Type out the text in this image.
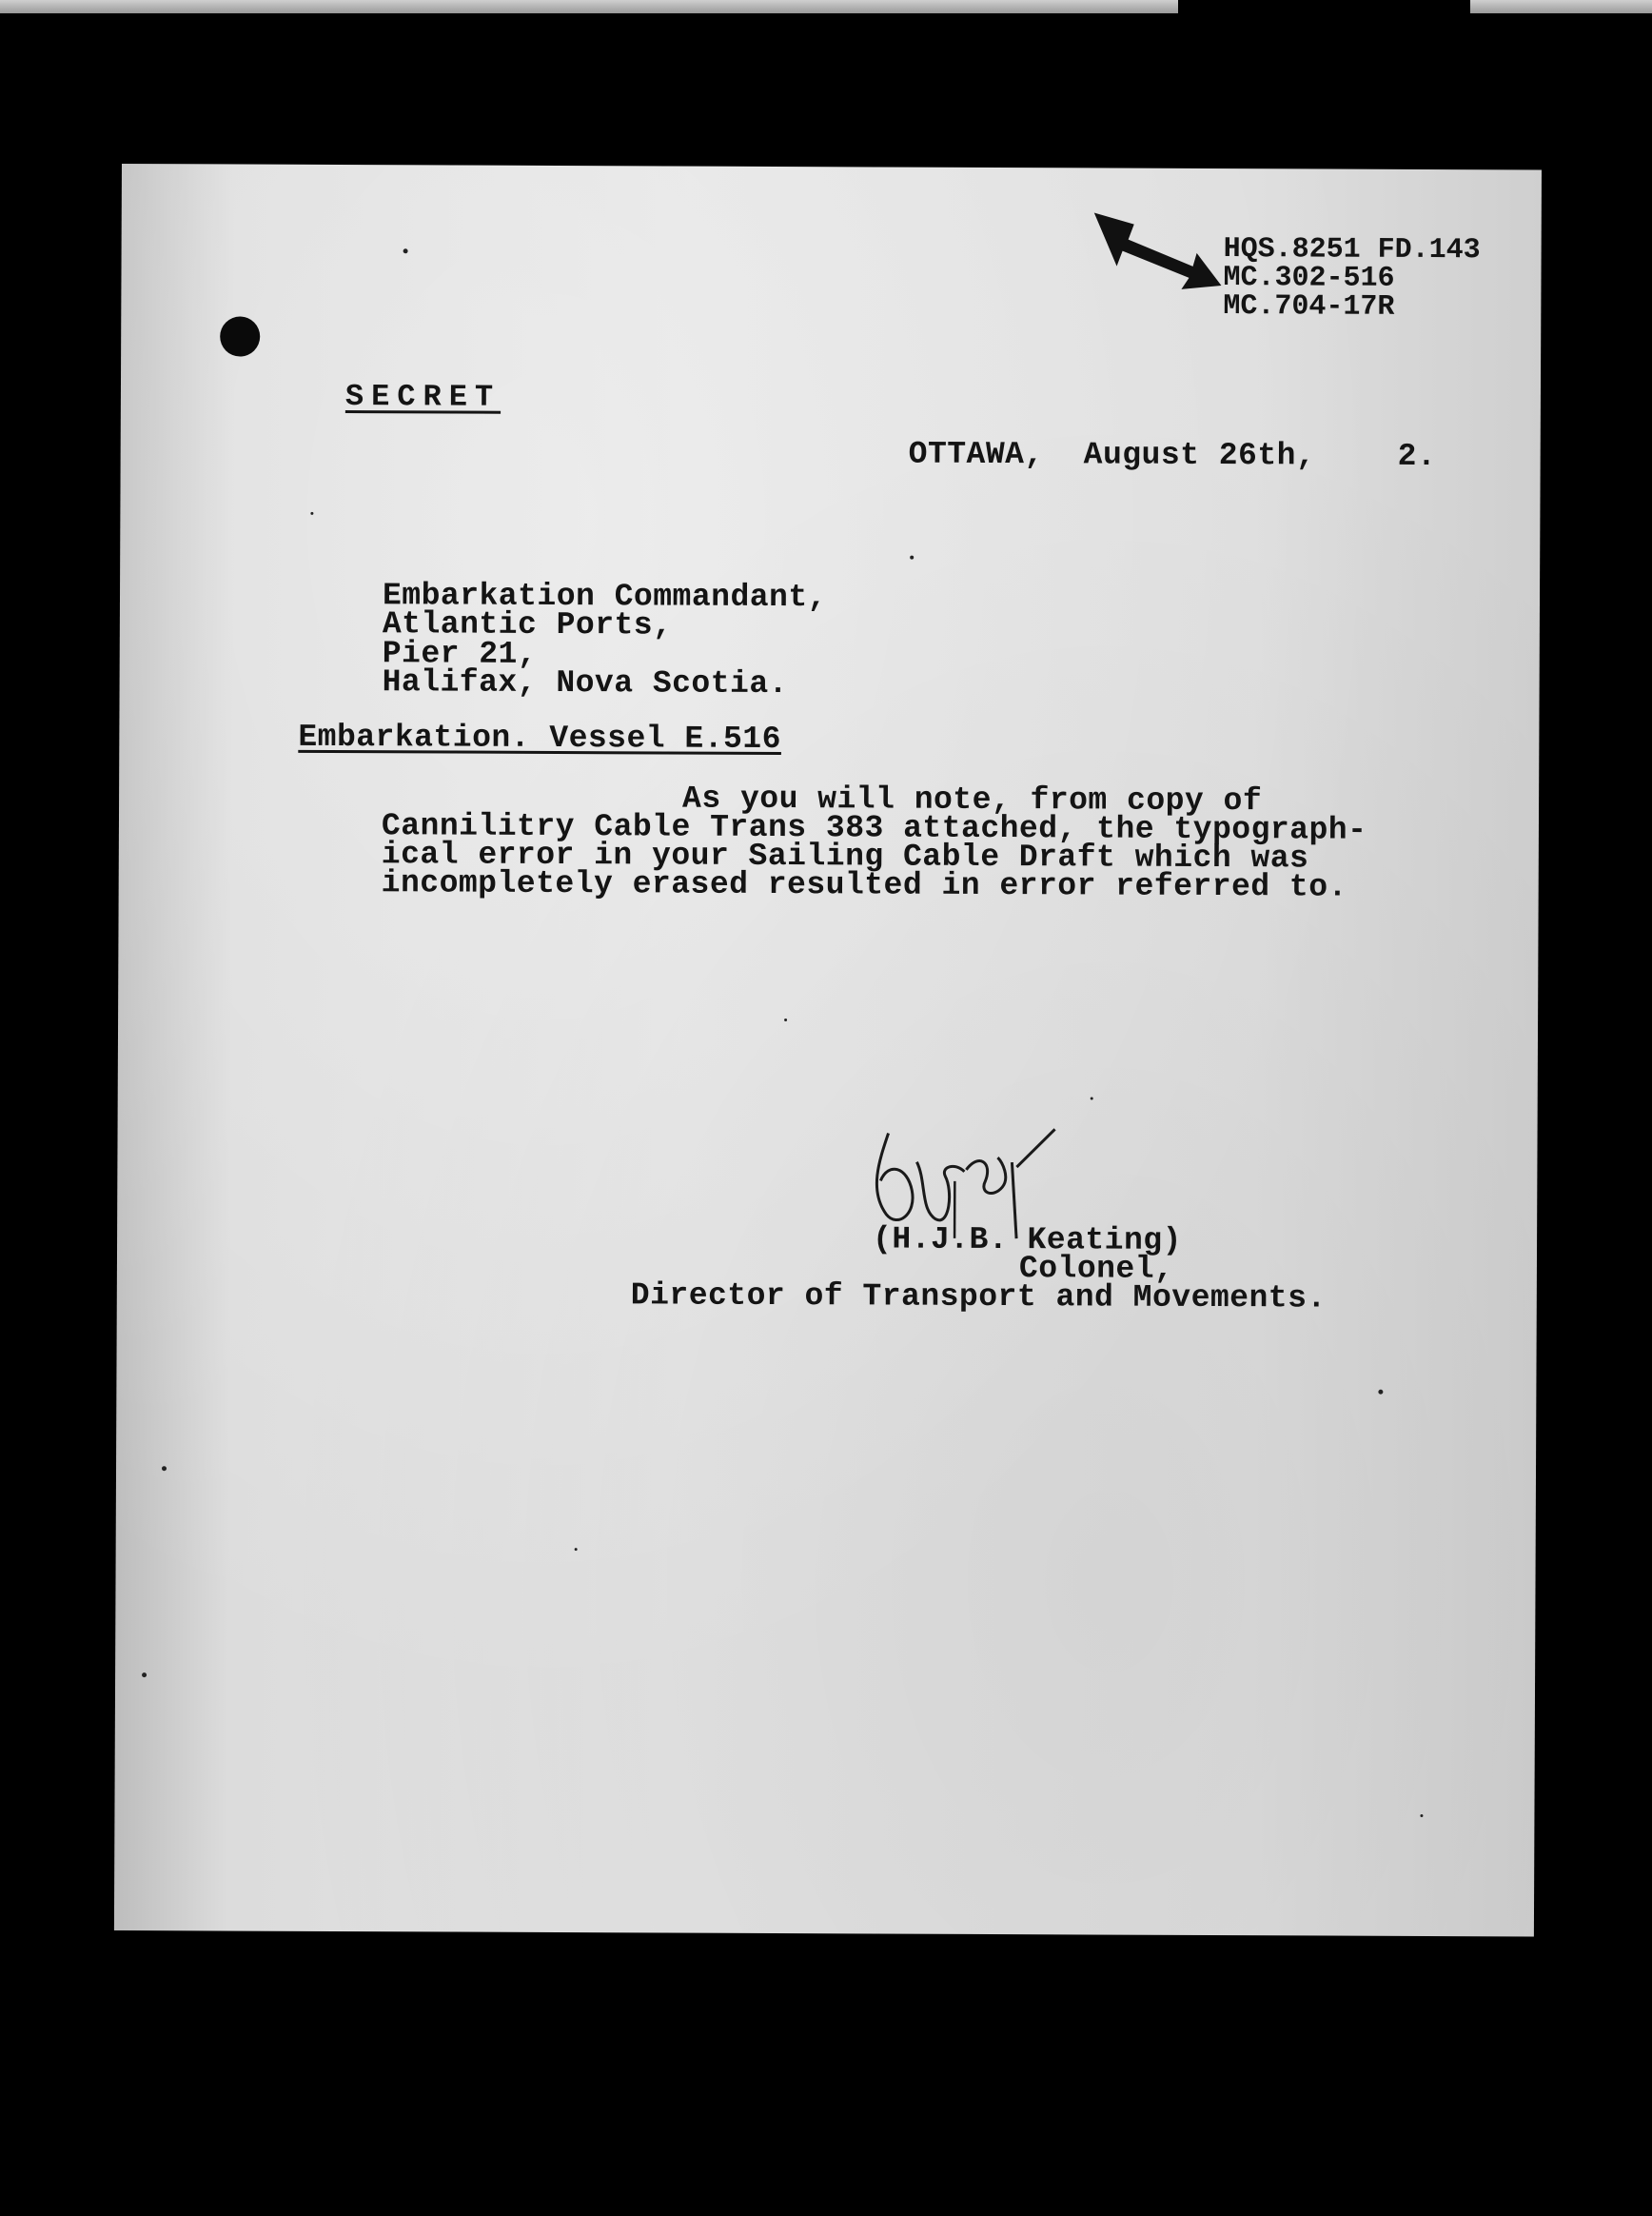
HQS.8251 FD.143
MC.302-516
MC.704-17R
SECRET
OTTAWA, August 26th,	2.
Embarkation Commandant,
Atlantic Ports,
Pier 21,
Halifax, Nova Scotia.
Embarkation. Vessel E.516
As you will note, from copy of
Cannilitry Cable Trans 383 attached, the typograph-
ical error in your Sailing Cable Draft which was
incompletely erased resulted in error referred to.
(H.J.B. Keating)
Colonel,
Director of Transport and Movements.
